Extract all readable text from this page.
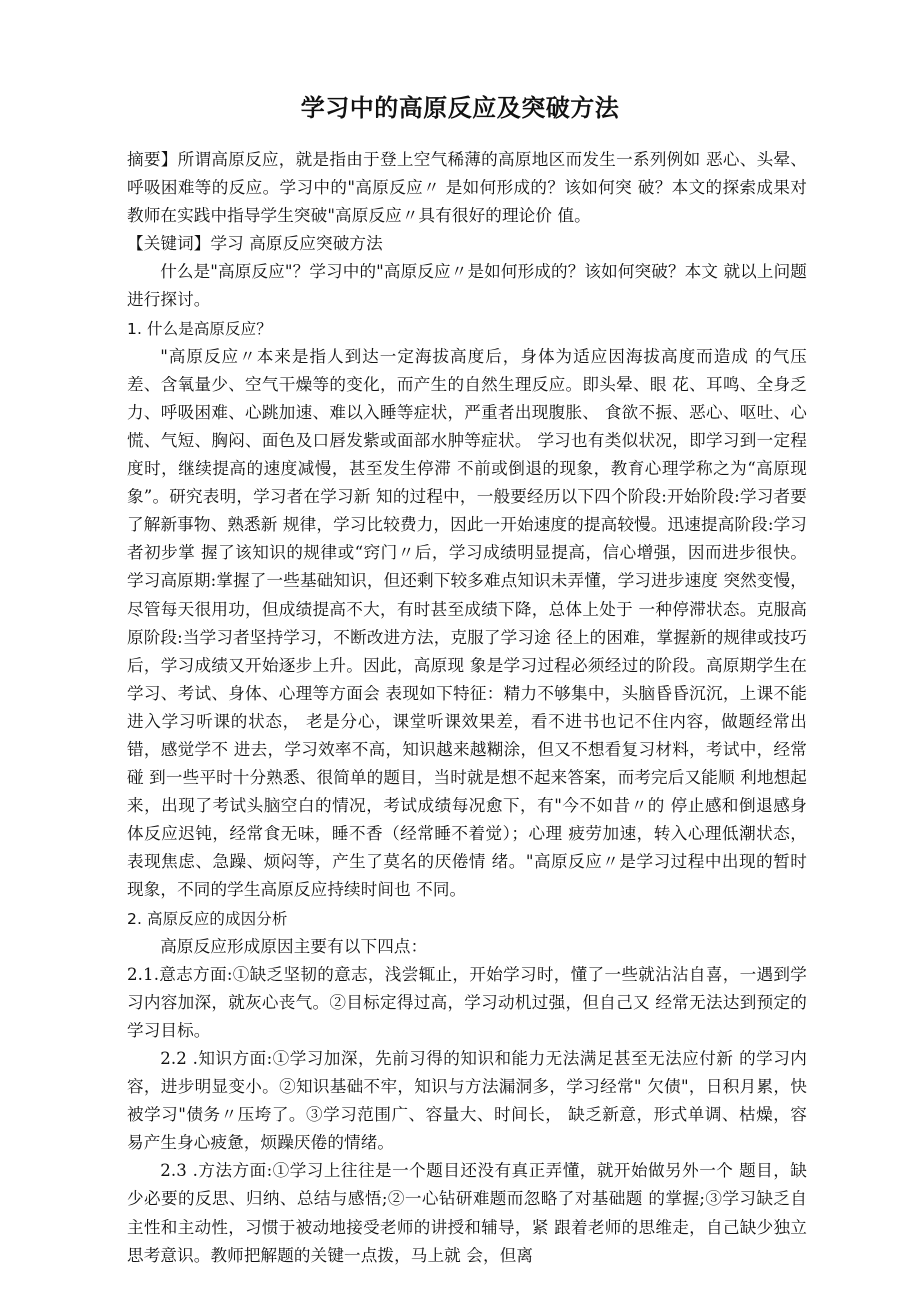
学习中的高原反应及突破方法

摘要】所谓高原反应，就是指由于登上空气稀薄的高原地区而发生一系列例如 恶心、头晕、呼吸困难等的反应。学习中的"高原反应〃 是如何形成的？该如何突 破？本文的探索成果对教师在实践中指导学生突破"高原反应〃具有很好的理论价 值。

【关键词】学习 高原反应突破方法

什么是"高原反应"？学习中的"高原反应〃是如何形成的？该如何突破？本文 就以上问题进行探讨。

1. 什么是高原反应？

"高原反应〃本来是指人到达一定海拔高度后，身体为适应因海拔高度而造成 的气压差、含氧量少、空气干燥等的变化，而产生的自然生理反应。即头晕、眼 花、耳鸣、全身乏力、呼吸困难、心跳加速、难以入睡等症状，严重者出现腹胀、 食欲不振、恶心、呕吐、心慌、气短、胸闷、面色及口唇发紫或面部水肿等症状。 学习也有类似状况，即学习到一定程度时，继续提高的速度减慢，甚至发生停滞 不前或倒退的现象，教育心理学称之为“高原现象”。研究表明，学习者在学习新 知的过程中，一般要经历以下四个阶段:开始阶段:学习者要了解新事物、熟悉新 规律，学习比较费力，因此一开始速度的提高较慢。迅速提高阶段:学习者初步掌 握了该知识的规律或“窍门〃后，学习成绩明显提高，信心增强，因而进步很快。 学习高原期:掌握了一些基础知识，但还剩下较多难点知识未弄懂，学习进步速度 突然变慢，尽管每天很用功，但成绩提高不大，有时甚至成绩下降，总体上处于 一种停滞状态。克服高原阶段:当学习者坚持学习，不断改进方法，克服了学习途 径上的困难，掌握新的规律或技巧后，学习成绩又开始逐步上升。因此，高原现 象是学习过程必须经过的阶段。高原期学生在学习、考试、身体、心理等方面会 表现如下特征：精力不够集中，头脑昏昏沉沉，上课不能进入学习听课的状态， 老是分心，课堂听课效果差，看不进书也记不住内容，做题经常出错，感觉学不 进去，学习效率不高，知识越来越糊涂，但又不想看复习材料，考试中，经常碰 到一些平时十分熟悉、很简单的题目，当时就是想不起来答案，而考完后又能顺 利地想起来，出现了考试头脑空白的情况，考试成绩每况愈下，有"今不如昔〃的 停止感和倒退感身体反应迟钝，经常食无味，睡不香（经常睡不着觉）；心理 疲劳加速，转入心理低潮状态，表现焦虑、急躁、烦闷等，产生了莫名的厌倦情 绪。"高原反应〃是学习过程中出现的暂时现象，不同的学生高原反应持续时间也 不同。

2. 高原反应的成因分析

高原反应形成原因主要有以下四点：

2.1.意志方面:①缺乏坚韧的意志，浅尝辄止，开始学习时，懂了一些就沾沾自喜，一遇到学习内容加深，就灰心丧气。②目标定得过高，学习动机过强，但自己又 经常无法达到预定的学习目标。

2.2 .知识方面:①学习加深，先前习得的知识和能力无法满足甚至无法应付新 的学习内容，进步明显变小。②知识基础不牢，知识与方法漏洞多，学习经常" 欠债"，日积月累，快被学习"债务〃压垮了。③学习范围广、容量大、时间长， 缺乏新意，形式单调、枯燥，容易产生身心疲惫，烦躁厌倦的情绪。

2.3 .方法方面:①学习上往往是一个题目还没有真正弄懂，就开始做另外一个 题目，缺少必要的反思、归纳、总结与感悟;②一心钻研难题而忽略了对基础题 的掌握;③学习缺乏自主性和主动性，习惯于被动地接受老师的讲授和辅导，紧 跟着老师的思维走，自己缺少独立思考意识。教师把解题的关键一点拨，马上就 会，但离
